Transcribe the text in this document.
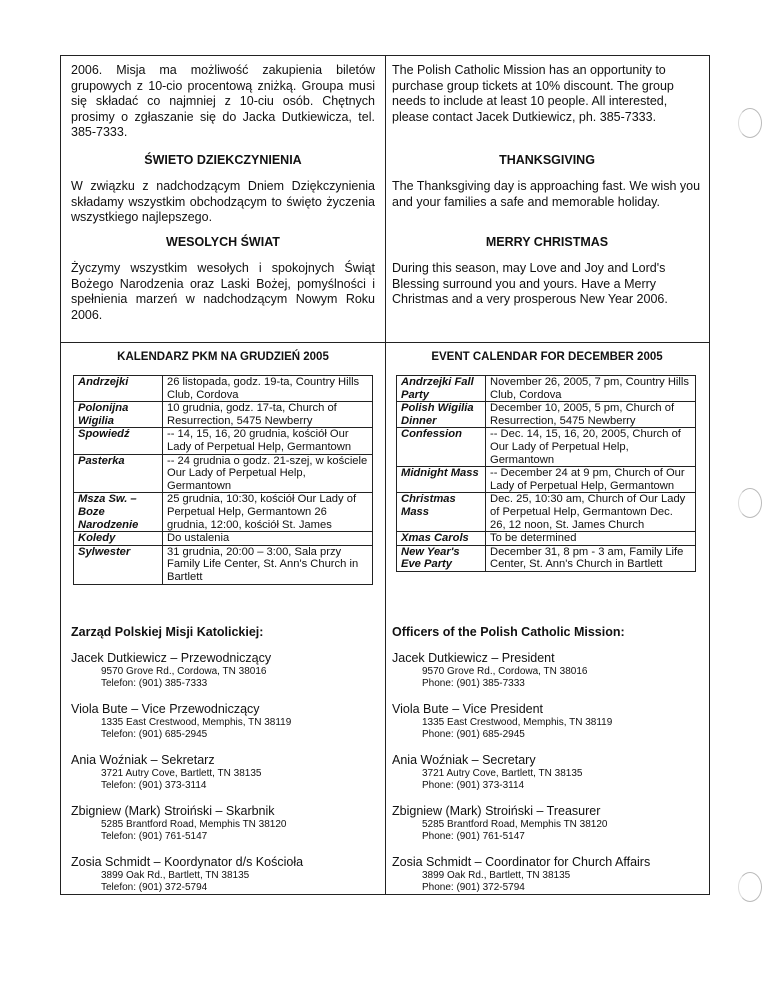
2006. Misja ma możliwość zakupienia biletów grupowych z 10-cio procentową zniżką. Groupa musi się składać co najmniej z 10-ciu osób. Chętnych prosimy o zgłaszanie się do Jacka Dutkiewicza, tel. 385-7333.

ŚWIETO DZIEKCZYNIENIA

W związku z nadchodzącym Dniem Dziękczynienia składamy wszystkim obchodzącym to święto życzenia wszystkiego najlepszego.

WESOLYCH ŚWIAT

Życzymy wszystkim wesołych i spokojnych Świąt Bożego Narodzenia oraz Laski Bożej, pomyślności i spełnienia marzeń w nadchodzącym Nowym Roku 2006.

The Polish Catholic Mission has an opportunity to purchase group tickets at 10% discount. The group needs to include at least 10 people. All interested, please contact Jacek Dutkiewicz, ph. 385-7333.

THANKSGIVING

The Thanksgiving day is approaching fast. We wish you and your families a safe and memorable holiday.

MERRY CHRISTMAS

During this season, may Love and Joy and Lord's Blessing surround you and yours. Have a Merry Christmas and a very prosperous New Year 2006.

KALENDARZ PKM NA GRUDZIEŃ 2005
Andrzejki	26 listopada, godz. 19-ta, Country Hills Club, Cordova
Polonijna Wigilia	10 grudnia, godz. 17-ta, Church of Resurrection, 5475 Newberry
Spowiedź	-- 14, 15, 16, 20 grudnia, kościół Our Lady of Perpetual Help, Germantown
Pasterka	-- 24 grudnia o godz. 21-szej, w kościele Our Lady of Perpetual Help, Germantown
Msza Sw. – Boze Narodzenie	25 grudnia, 10:30, kościół Our Lady of Perpetual Help, Germantown 26 grudnia, 12:00, kościół St. James
Koledy	Do ustalenia
Sylwester	31 grudnia, 20:00 – 3:00, Sala przy Family Life Center, St. Ann's Church in Bartlett
Zarząd Polskiej Misji Katolickiej:
Jacek Dutkiewicz – Przewodniczący
9570 Grove Rd., Cordowa, TN 38016
Telefon: (901) 385-7333
Viola Bute – Vice Przewodniczący
1335 East Crestwood, Memphis, TN 38119
Telefon: (901) 685-2945
Ania Woźniak – Sekretarz
3721 Autry Cove, Bartlett, TN 38135
Telefon: (901) 373-3114
Zbigniew (Mark) Stroiński – Skarbnik
5285 Brantford Road, Memphis TN 38120
Telefon: (901) 761-5147
Zosia Schmidt – Koordynator d/s Kościoła
3899 Oak Rd., Bartlett, TN 38135
Telefon: (901) 372-5794
EVENT CALENDAR FOR DECEMBER 2005
Andrzejki Fall Party	November 26, 2005, 7 pm, Country Hills Club, Cordova
Polish Wigilia Dinner	December 10, 2005, 5 pm, Church of Resurrection, 5475 Newberry
Confession	-- Dec. 14, 15, 16, 20, 2005, Church of Our Lady of Perpetual Help, Germantown
Midnight Mass	-- December 24 at 9 pm, Church of Our Lady of Perpetual Help, Germantown
Christmas Mass	Dec. 25, 10:30 am, Church of Our Lady of Perpetual Help, Germantown Dec. 26, 12 noon, St. James Church
Xmas Carols	To be determined
New Year's Eve Party	December 31, 8 pm - 3 am, Family Life Center, St. Ann's Church in Bartlett
Officers of the Polish Catholic Mission:
Jacek Dutkiewicz – President
9570 Grove Rd., Cordowa, TN 38016
Phone: (901) 385-7333
Viola Bute – Vice President
1335 East Crestwood, Memphis, TN 38119
Phone: (901) 685-2945
Ania Woźniak – Secretary
3721 Autry Cove, Bartlett, TN 38135
Phone: (901) 373-3114
Zbigniew (Mark) Stroiński – Treasurer
5285 Brantford Road, Memphis TN 38120
Phone: (901) 761-5147
Zosia Schmidt – Coordinator for Church Affairs
3899 Oak Rd., Bartlett, TN 38135
Phone: (901) 372-5794
